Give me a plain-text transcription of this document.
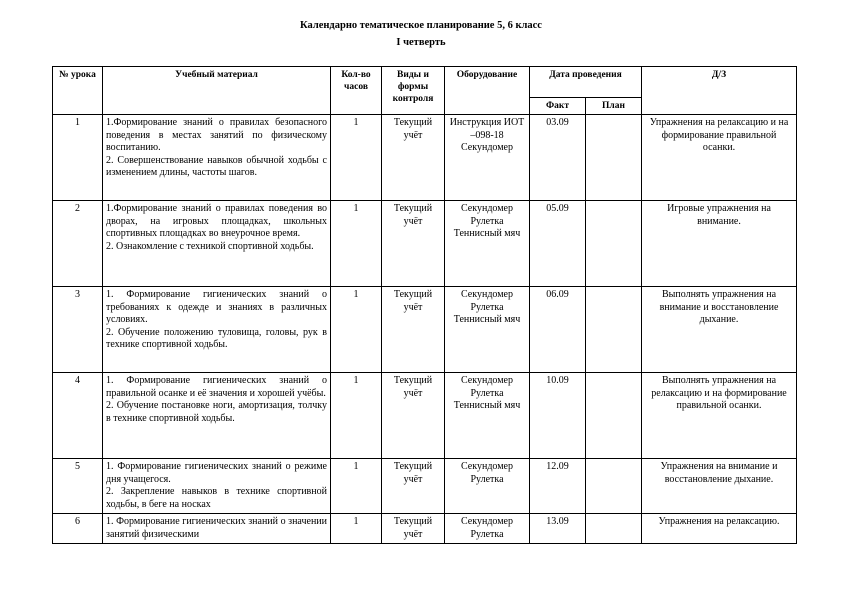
Календарно тематическое планирование 5, 6 класс
I четверть
№ урока	Учебный материал	Кол-во часов	Виды и формы контроля	Оборудование	Дата проведения		Д/З
					Факт	План	
1	1.Формирование знаний о правилах безопасного поведения в местах занятий по физическому воспитанию.

2. Совершенствование навыков обычной ходьбы с изменением длины, частоты шагов.	1	Текущий учёт	Инструкция ИОТ –098-18 Секундомер	03.09		Упражнения на релаксацию и на формирование правильной осанки.
2	1.Формирование знаний о правилах поведения во дворах, на игровых площадках, школьных спортивных площадках во внеурочное время.

2. Ознакомление с техникой спортивной ходьбы.	1	Текущий учёт	Секундомер Рулетка Теннисный мяч	05.09		Игровые упражнения на внимание.
3	1. Формирование гигиенических знаний о требованиях к одежде и знаниях в различных условиях.

2. Обучение положению туловища, головы, рук в технике спортивной ходьбы.	1	Текущий учёт	Секундомер Рулетка Теннисный мяч	06.09		Выполнять упражнения на внимание и восстановление дыхание.
4	1. Формирование гигиенических знаний о правильной осанке и её значения и хорошей учёбы.

2. Обучение постановке ноги, амортизация, толчку в технике спортивной ходьбы.	1	Текущий учёт	Секундомер Рулетка Теннисный мяч	10.09		Выполнять упражнения на релаксацию и на формирование правильной осанки.
5	1. Формирование гигиенических знаний о режиме дня учащегося.

2. Закрепление навыков в технике спортивной ходьбы, в беге на носках	1	Текущий учёт	Секундомер Рулетка	12.09		Упражнения на внимание и восстановление дыхание.
6	1. Формирование гигиенических знаний о значении занятий физическими	1	Текущий учёт	Секундомер Рулетка	13.09		Упражнения на релаксацию.
